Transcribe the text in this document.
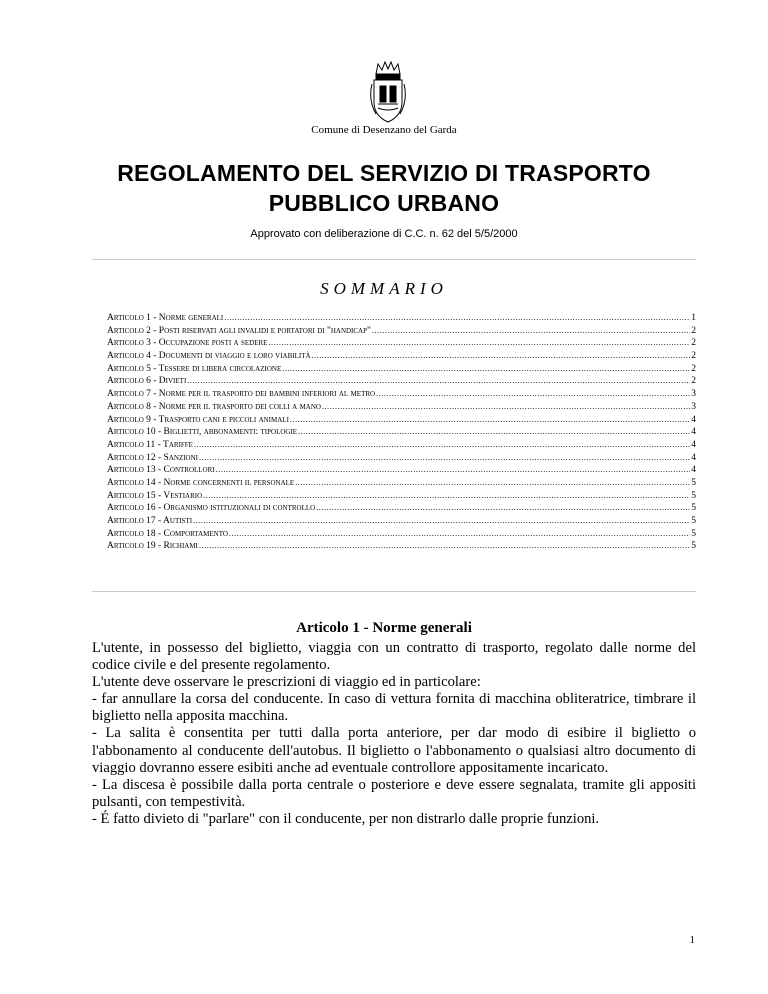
Comune di Desenzano del Garda
REGOLAMENTO DEL SERVIZIO DI TRASPORTO
PUBBLICO URBANO
Approvato con deliberazione di C.C. n. 62 del 5/5/2000
SOMMARIO
Articolo 1 - Norme generali .....	1
Articolo 2 - Posti riservati agli invalidi e portatori di "handicap" .....	2
Articolo 3 - Occupazione posti a sedere .....	2
Articolo 4 - Documenti di viaggio e loro viabilità .....	2
Articolo 5 - Tessere di libera circolazione .....	2
Articolo 6 - Divieti .....	2
Articolo 7 - Norme per il trasporto dei bambini inferiori al metro .....	3
Articolo 8 - Norme per il trasporto dei colli a mano .....	3
Articolo 9 - Trasporto cani e piccoli animali .....	4
Articolo 10 - Biglietti, abbonamenti: tipologie .....	4
Articolo 11 - Tariffe .....	4
Articolo 12 - Sanzioni .....	4
Articolo 13 - Controllori .....	4
Articolo 14 - Norme concernenti il personale .....	5
Articolo 15 - Vestiario .....	5
Articolo 16 - Organismo istituzionali di controllo .....	5
Articolo 17 - Autisti .....	5
Articolo 18 - Comportamento .....	5
Articolo 19 - Richiami .....	5
Articolo 1 - Norme generali

L'utente, in possesso del biglietto, viaggia con un contratto di trasporto, regolato dalle norme del codice civile e del presente regolamento.

L'utente deve osservare le prescrizioni di viaggio ed in particolare:

- far annullare la corsa del conducente. In caso di vettura fornita di macchina obliteratrice, timbrare il biglietto nella apposita macchina.

- La salita è consentita per tutti dalla porta anteriore, per dar modo di esibire il biglietto o l'abbonamento al conducente dell'autobus. Il biglietto o l'abbonamento o qualsiasi altro documento di viaggio dovranno essere esibiti anche ad eventuale controllore appositamente incaricato.

- La discesa è possibile dalla porta centrale o posteriore e deve essere segnalata, tramite gli appositi pulsanti, con tempestività.

- É fatto divieto di "parlare" con il conducente, per non distrarlo dalle proprie funzioni.

1
